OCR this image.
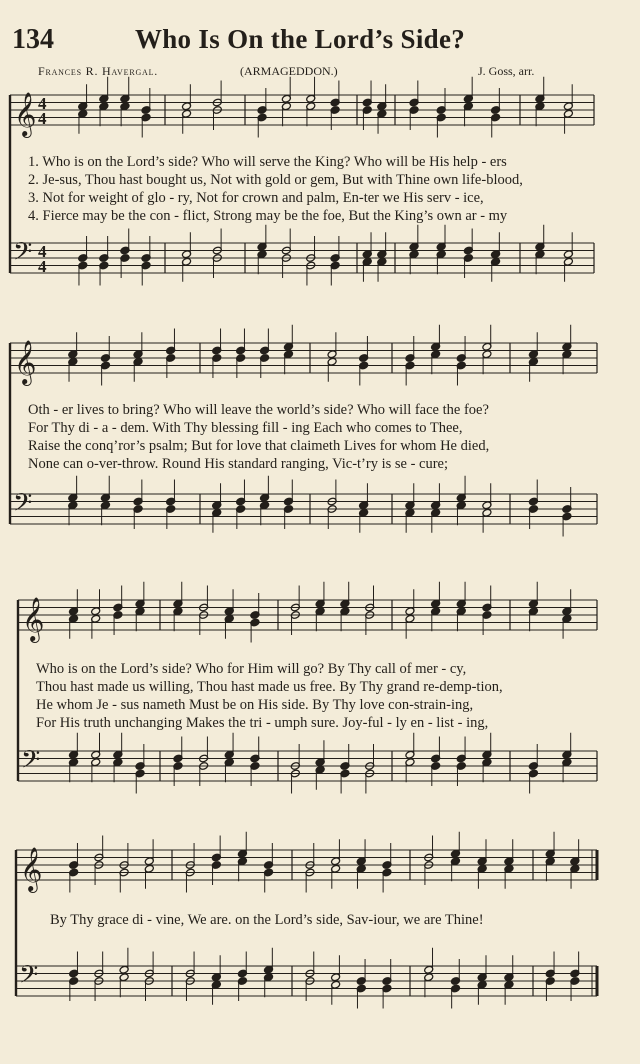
134	Who Is On the Lord’s Side?
Frances R. Havergal.	(ARMAGEDDON.)	J. Goss, arr.
𝄞
𝄢
4
4
4
4
𝄞
𝄢
𝄞
𝄢
𝄞
𝄢
1. Who is on the Lord’s side? Who will serve the King? Who will be His help - ers
2. Je-sus, Thou hast bought us, Not with gold or gem, But with Thine own life-blood,
3. Not for weight of glo - ry, Not for crown and palm, En-ter we His serv - ice,
4. Fierce may be the con - flict, Strong may be the foe, But the King’s own ar - my
Oth - er lives to bring? Who will leave the world’s side? Who will face the foe?
For Thy di - a - dem. With Thy blessing fill - ing Each who comes to Thee,
Raise the conq’ror’s psalm; But for love that claimeth Lives for whom He died,
None can o-ver-throw. Round His standard ranging, Vic-t’ry is se - cure;
Who is on the Lord’s side? Who for Him will go? By Thy call of mer - cy,
Thou hast made us willing, Thou hast made us free. By Thy grand re-demp-tion,
He whom Je - sus nameth Must be on His side. By Thy love con-strain-ing,
For His truth unchanging Makes the tri - umph sure. Joy-ful - ly en - list - ing,
By Thy grace di - vine, We are. on the Lord’s side, Sav-iour, we are Thine!
